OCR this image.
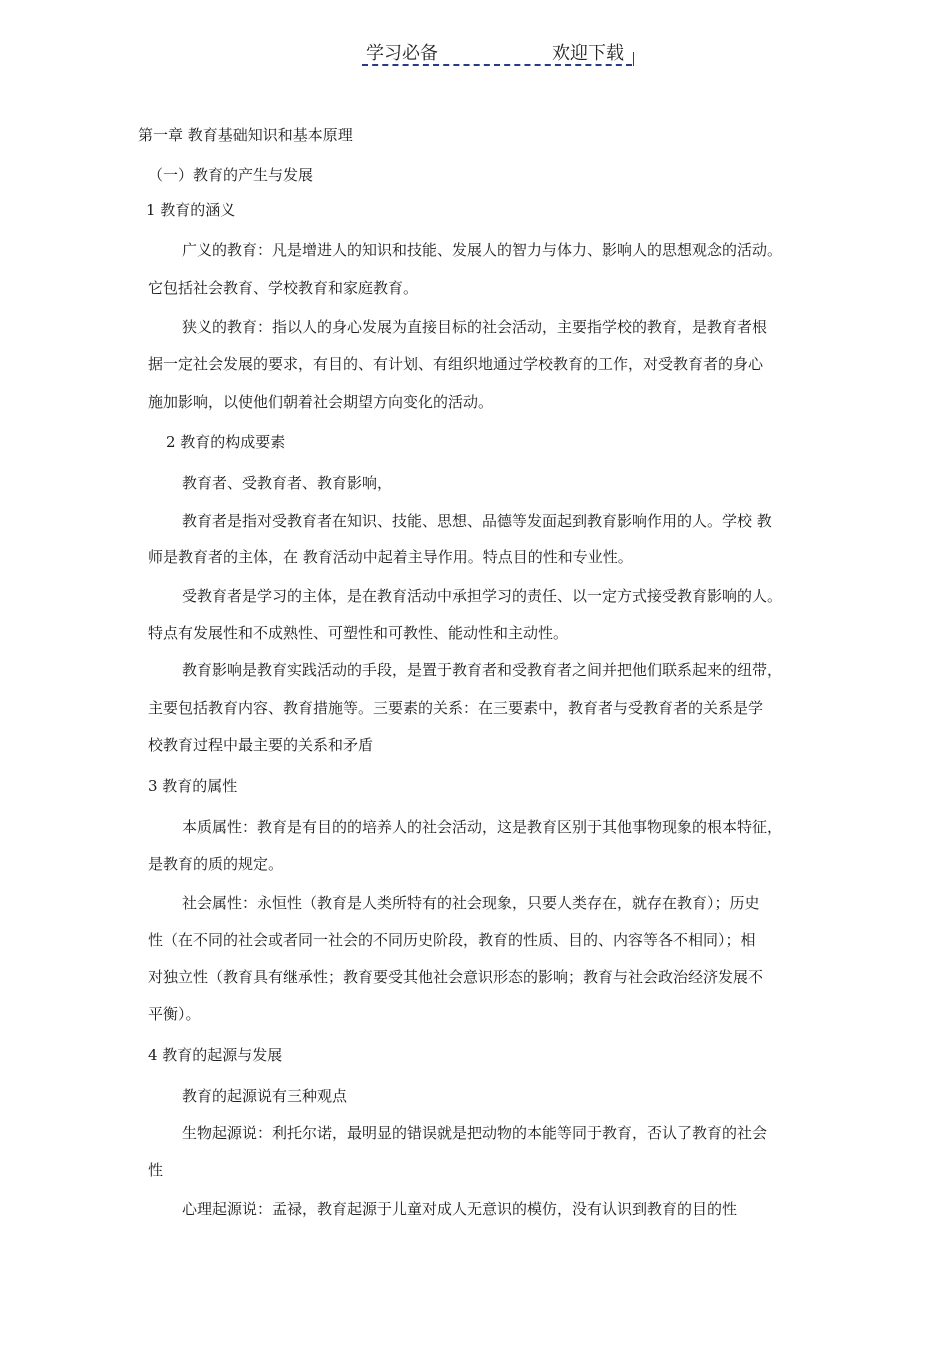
学习必备	欢迎下载
第一章 教育基础知识和基本原理
（一）教育的产生与发展
1 教育的涵义
广义的教育：凡是增进人的知识和技能、发展人的智力与体力、影响人的思想观念的活动。
它包括社会教育、学校教育和家庭教育。
狭义的教育：指以人的身心发展为直接目标的社会活动，主要指学校的教育，是教育者根
据一定社会发展的要求，有目的、有计划、有组织地通过学校教育的工作，对受教育者的身心
施加影响，以使他们朝着社会期望方向变化的活动。
2 教育的构成要素
教育者、受教育者、教育影响，
教育者是指对受教育者在知识、技能、思想、品德等发面起到教育影响作用的人。学校 教
师是教育者的主体，在 教育活动中起着主导作用。特点目的性和专业性。
受教育者是学习的主体，是在教育活动中承担学习的责任、以一定方式接受教育影响的人。
特点有发展性和不成熟性、可塑性和可教性、能动性和主动性。
教育影响是教育实践活动的手段，是置于教育者和受教育者之间并把他们联系起来的纽带，
主要包括教育内容、教育措施等。三要素的关系：在三要素中，教育者与受教育者的关系是学
校教育过程中最主要的关系和矛盾
3 教育的属性
本质属性：教育是有目的的培养人的社会活动，这是教育区别于其他事物现象的根本特征，
是教育的质的规定。
社会属性：永恒性（教育是人类所特有的社会现象，只要人类存在，就存在教育）；历史
性（在不同的社会或者同一社会的不同历史阶段，教育的性质、目的、内容等各不相同）；相
对独立性（教育具有继承性；教育要受其他社会意识形态的影响；教育与社会政治经济发展不
平衡）。
4 教育的起源与发展
教育的起源说有三种观点
生物起源说：利托尔诺，最明显的错误就是把动物的本能等同于教育，否认了教育的社会
性
心理起源说：孟禄，教育起源于儿童对成人无意识的模仿，没有认识到教育的目的性
